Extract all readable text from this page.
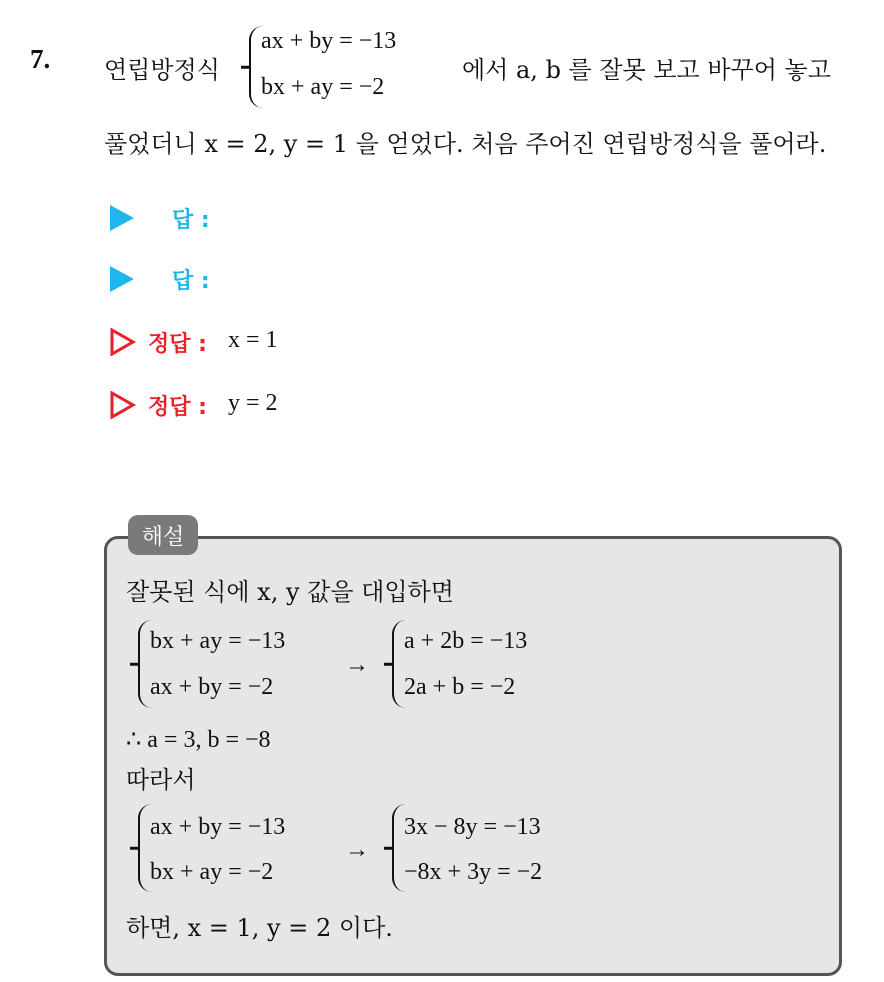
7. 연립방정식
ax + by = −13
bx + ay = −2
에서 a, b 를 잘못 보고 바꾸어 놓고
풀었더니 x = 2, y = 1 을 얻었다. 처음 주어진 연립방정식을 풀어라.
답 :
답 :
정답 : x = 1
정답 : y = 2
해설
잘못된 식에 x, y 값을 대입하면
bx + ay = −13
ax + by = −2
→
a + 2b = −13
2a + b = −2
∴ a = 3, b = −8
따라서
ax + by = −13
bx + ay = −2
→
3x − 8y = −13
−8x + 3y = −2
하면, x = 1, y = 2 이다.
